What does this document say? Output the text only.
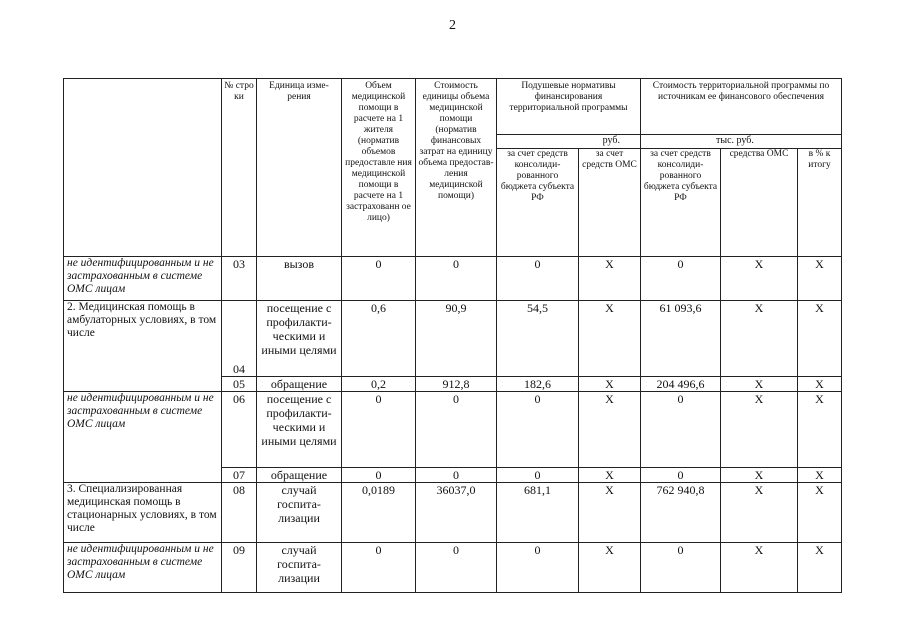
2
	№ стро ки	Единица изме- рения	Объем медицинской помощи в расчете на 1 жителя (норматив объемов предоставле ния медицинской помощи в расчете на 1 застрахованн ое лицо)	Стоимость единицы объема медицинской помощи (норматив финансовых затрат на единицу объема предостав- ления медицинской помощи)	Подушевые нормативы финансирования территориальной программы		Стоимость территориальной программы по источникам ее финансового обеспечения		
					руб.		тыс. руб.		
					за счет средств консолиди- рованного бюджета субъекта РФ	за счет средств ОМС	за счет средств консолиди- рованного бюджета субъекта РФ	средства ОМС	в % к итогу
не идентифицированным и не застрахованным в системе ОМС лицам	03	вызов	0	0	0	X	0	X	X
2. Медицинская помощь в амбулаторных условиях, в том числе	04	посещение с профилакти- ческими и иными целями	0,6	90,9	54,5	X	61 093,6	X	X
	05	обращение	0,2	912,8	182,6	X	204 496,6	X	X
не идентифицированным и не застрахованным в системе ОМС лицам	06	посещение с профилакти- ческими и иными целями	0	0	0	X	0	X	X
	07	обращение	0	0	0	X	0	X	X
3. Специализированная медицинская помощь в стационарных условиях, в том числе	08	случай госпита- лизации	0,0189	36037,0	681,1	X	762 940,8	X	X
не идентифицированным и не застрахованным в системе ОМС лицам	09	случай госпита- лизации	0	0	0	X	0	X	X
